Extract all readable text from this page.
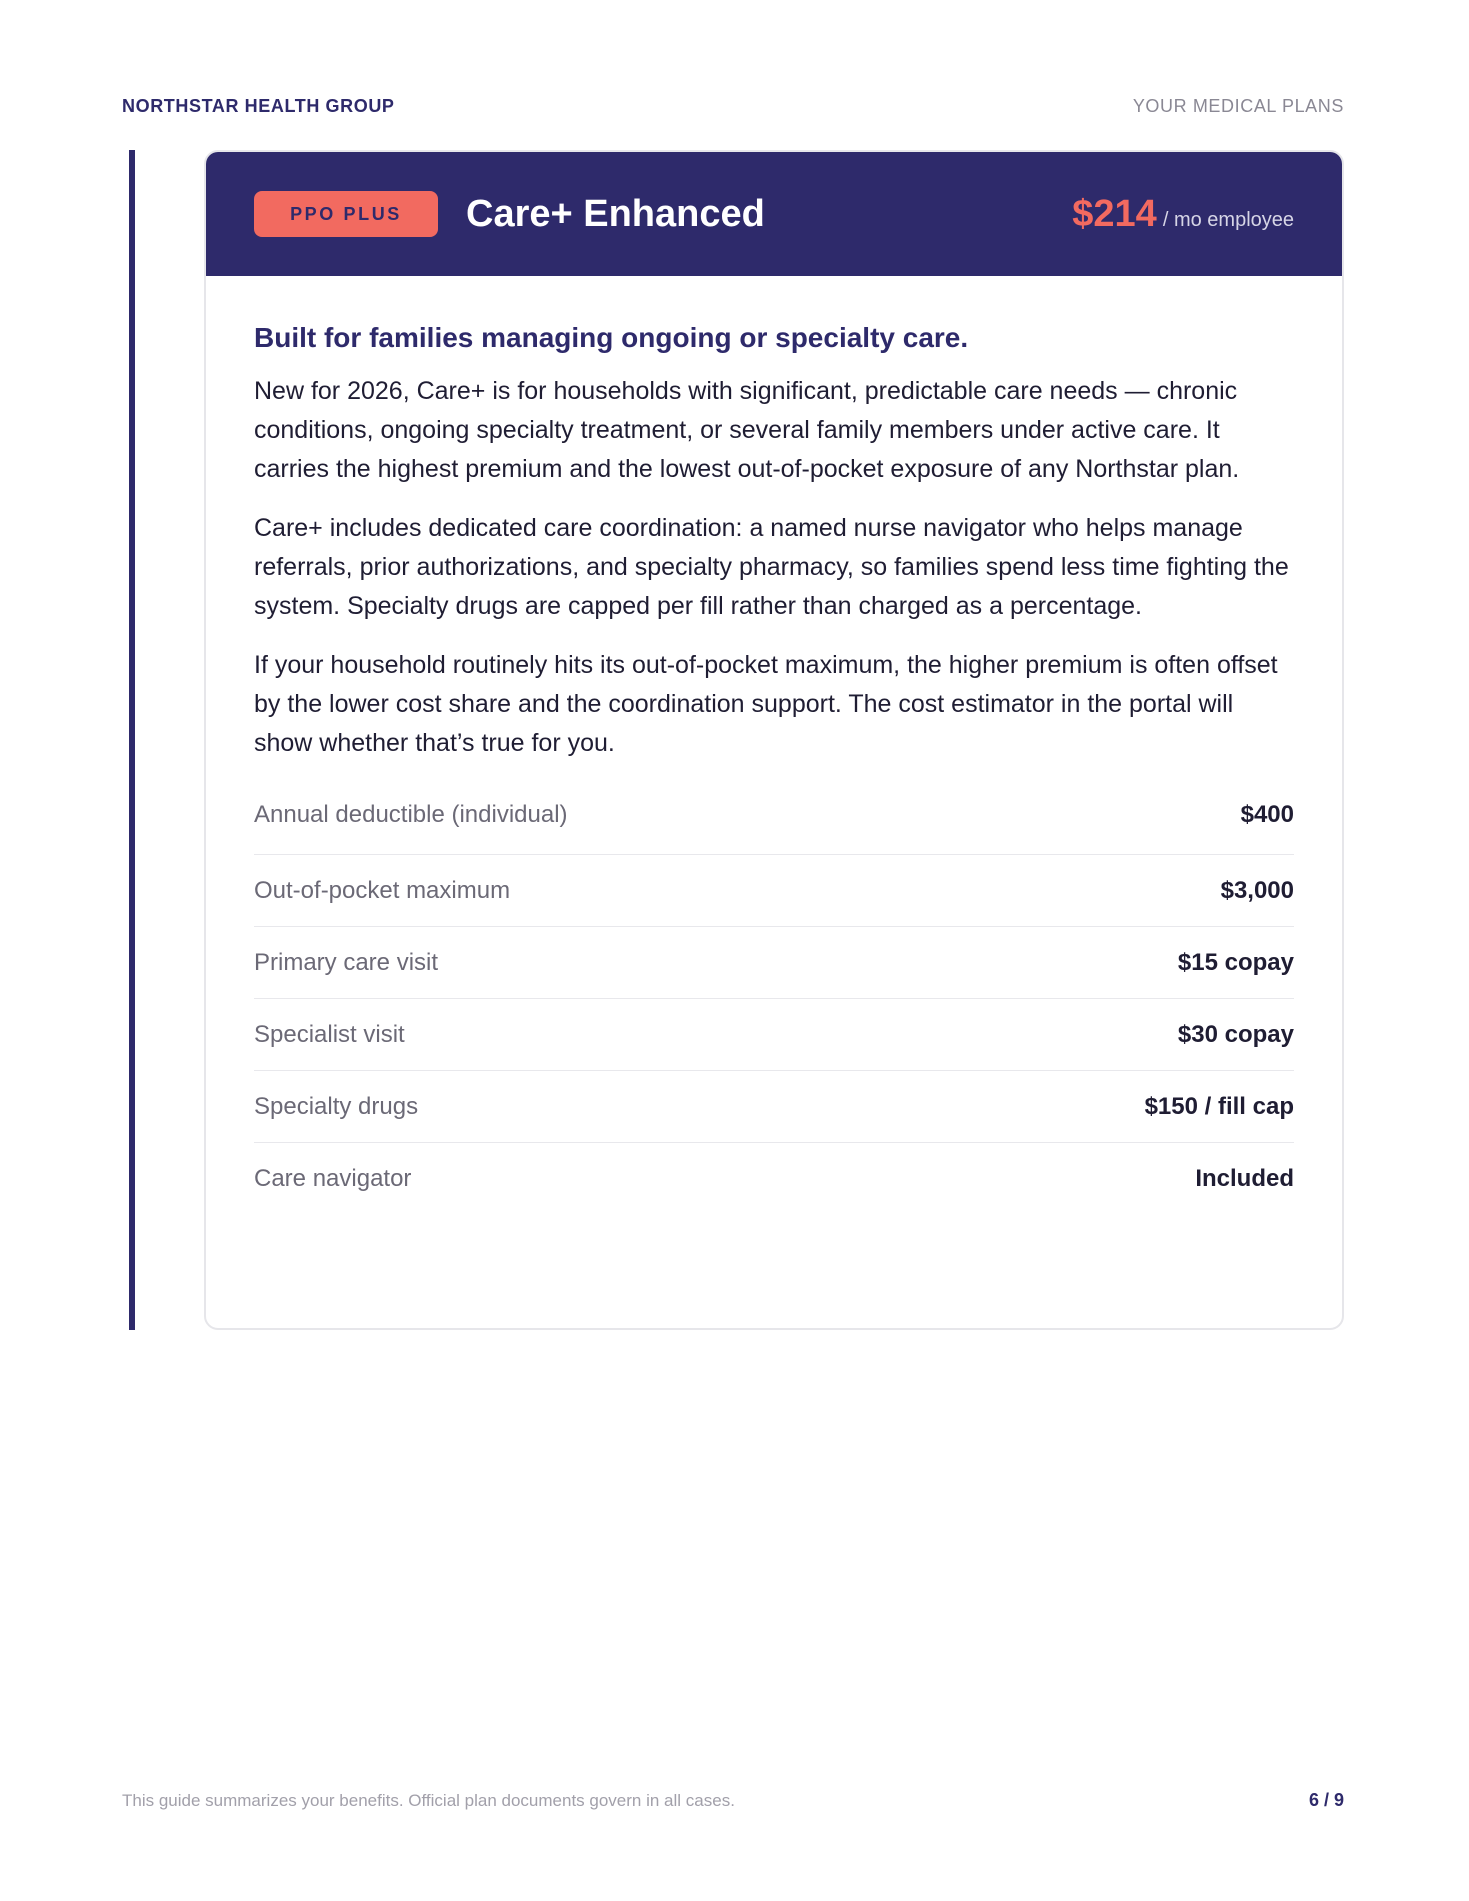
NORTHSTAR HEALTH GROUP	YOUR MEDICAL PLANS
PPO PLUS	Care+ Enhanced	$214 / mo employee
Built for families managing ongoing or specialty care.

New for 2026, Care+ is for households with significant, predictable care needs — chronic conditions, ongoing specialty treatment, or several family members under active care. It carries the highest premium and the lowest out-of-pocket exposure of any Northstar plan.

Care+ includes dedicated care coordination: a named nurse navigator who helps manage referrals, prior authorizations, and specialty pharmacy, so families spend less time fighting the system. Specialty drugs are capped per fill rather than charged as a percentage.

If your household routinely hits its out-of-pocket maximum, the higher premium is often offset by the lower cost share and the coordination support. The cost estimator in the portal will show whether that’s true for you.

Annual deductible (individual)	$400
Out-of-pocket maximum	$3,000
Primary care visit	$15 copay
Specialist visit	$30 copay
Specialty drugs	$150 / fill cap
Care navigator	Included
This guide summarizes your benefits. Official plan documents govern in all cases.	6 / 9
